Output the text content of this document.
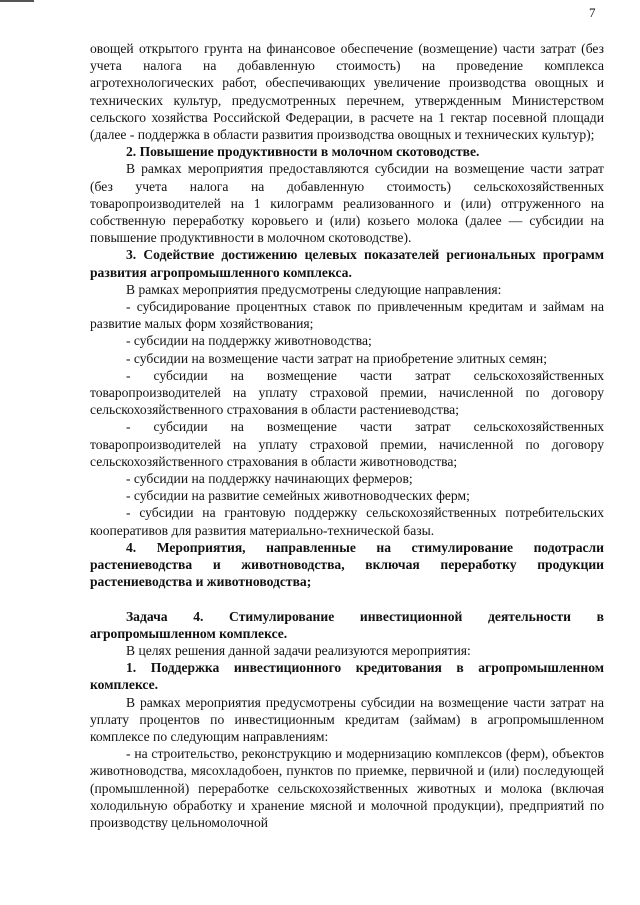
7

овощей открытого грунта на финансовое обеспечение (возмещение) части затрат (без учета налога на добавленную стоимость) на проведение комплекса агротехнологических работ, обеспечивающих увеличение производства овощных и технических культур, предусмотренных перечнем, утвержденным Министерством сельского хозяйства Российской Федерации, в расчете на 1 гектар посевной площади (далее - поддержка в области развития производства овощных и технических культур);

2. Повышение продуктивности в молочном скотоводстве.

В рамках мероприятия предоставляются субсидии на возмещение части затрат (без учета налога на добавленную стоимость) сельскохозяйственных товаропроизводителей на 1 килограмм реализованного и (или) отгруженного на собственную переработку коровьего и (или) козьего молока (далее — субсидии на повышение продуктивности в молочном скотоводстве).

3. Содействие достижению целевых показателей региональных программ развития агропромышленного комплекса.

В рамках мероприятия предусмотрены следующие направления:

- субсидирование процентных ставок по привлеченным кредитам и займам на развитие малых форм хозяйствования;

- субсидии на поддержку животноводства;

- субсидии на возмещение части затрат на приобретение элитных семян;

- субсидии на возмещение части затрат сельскохозяйственных товаропроизводителей на уплату страховой премии, начисленной по договору сельскохозяйственного страхования в области растениеводства;

- субсидии на возмещение части затрат сельскохозяйственных товаропроизводителей на уплату страховой премии, начисленной по договору сельскохозяйственного страхования в области животноводства;

- субсидии на поддержку начинающих фермеров;

- субсидии на развитие семейных животноводческих ферм;

- субсидии на грантовую поддержку сельскохозяйственных потребительских кооперативов для развития материально-технической базы.

4. Мероприятия, направленные на стимулирование подотрасли растениеводства и животноводства, включая переработку продукции растениеводства и животноводства;

Задача 4. Стимулирование инвестиционной деятельности в агропромышленном комплексе.

В целях решения данной задачи реализуются мероприятия:

1. Поддержка инвестиционного кредитования в агропромышленном комплексе.

В рамках мероприятия предусмотрены субсидии на возмещение части затрат на уплату процентов по инвестиционным кредитам (займам) в агропромышленном комплексе по следующим направлениям:

- на строительство, реконструкцию и модернизацию комплексов (ферм), объектов животноводства, мясохладобоен, пунктов по приемке, первичной и (или) последующей (промышленной) переработке сельскохозяйственных животных и молока (включая холодильную обработку и хранение мясной и молочной продукции), предприятий по производству цельномолочной
